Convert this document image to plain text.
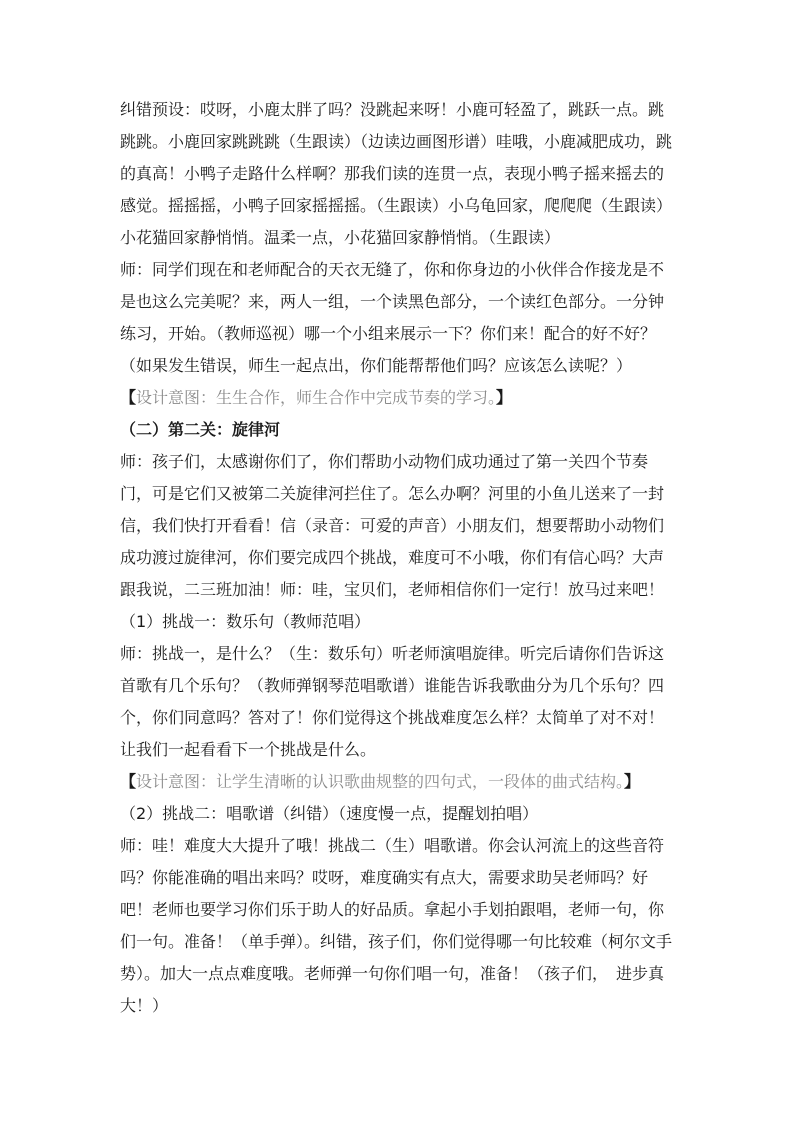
纠错预设：哎呀，小鹿太胖了吗？没跳起来呀！小鹿可轻盈了，跳跃一点。跳
跳跳。小鹿回家跳跳跳（生跟读）（边读边画图形谱）哇哦，小鹿减肥成功，跳
的真高！小鸭子走路什么样啊？那我们读的连贯一点，表现小鸭子摇来摇去的
感觉。摇摇摇，小鸭子回家摇摇摇。（生跟读）小乌龟回家，爬爬爬（生跟读）
小花猫回家静悄悄。温柔一点，小花猫回家静悄悄。（生跟读）
师：同学们现在和老师配合的天衣无缝了，你和你身边的小伙伴合作接龙是不
是也这么完美呢？来，两人一组，一个读黑色部分，一个读红色部分。一分钟
练习，开始。（教师巡视）哪一个小组来展示一下？你们来！配合的好不好？
（如果发生错误，师生一起点出，你们能帮帮他们吗？应该怎么读呢？）
【设计意图：生生合作，师生合作中完成节奏的学习。】
（二）第二关：旋律河
师：孩子们，太感谢你们了，你们帮助小动物们成功通过了第一关四个节奏
门，可是它们又被第二关旋律河拦住了。怎么办啊？河里的小鱼儿送来了一封
信，我们快打开看看！信（录音：可爱的声音）小朋友们，想要帮助小动物们
成功渡过旋律河，你们要完成四个挑战，难度可不小哦，你们有信心吗？大声
跟我说，二三班加油！师：哇，宝贝们，老师相信你们一定行！放马过来吧！
（1）挑战一：数乐句（教师范唱）
师：挑战一，是什么？（生：数乐句）听老师演唱旋律。听完后请你们告诉这
首歌有几个乐句？（教师弹钢琴范唱歌谱）谁能告诉我歌曲分为几个乐句？四
个，你们同意吗？答对了！你们觉得这个挑战难度怎么样？太简单了对不对！
让我们一起看看下一个挑战是什么。
【设计意图：让学生清晰的认识歌曲规整的四句式，一段体的曲式结构。】
（2）挑战二：唱歌谱（纠错）（速度慢一点，提醒划拍唱）
师：哇！难度大大提升了哦！挑战二（生）唱歌谱。你会认河流上的这些音符
吗？你能准确的唱出来吗？哎呀，难度确实有点大，需要求助吴老师吗？好
吧！老师也要学习你们乐于助人的好品质。拿起小手划拍跟唱，老师一句，你
们一句。准备！（单手弹）。纠错，孩子们，你们觉得哪一句比较难（柯尔文手
势）。加大一点点难度哦。老师弹一句你们唱一句，准备！（孩子们，　进步真
大！）
